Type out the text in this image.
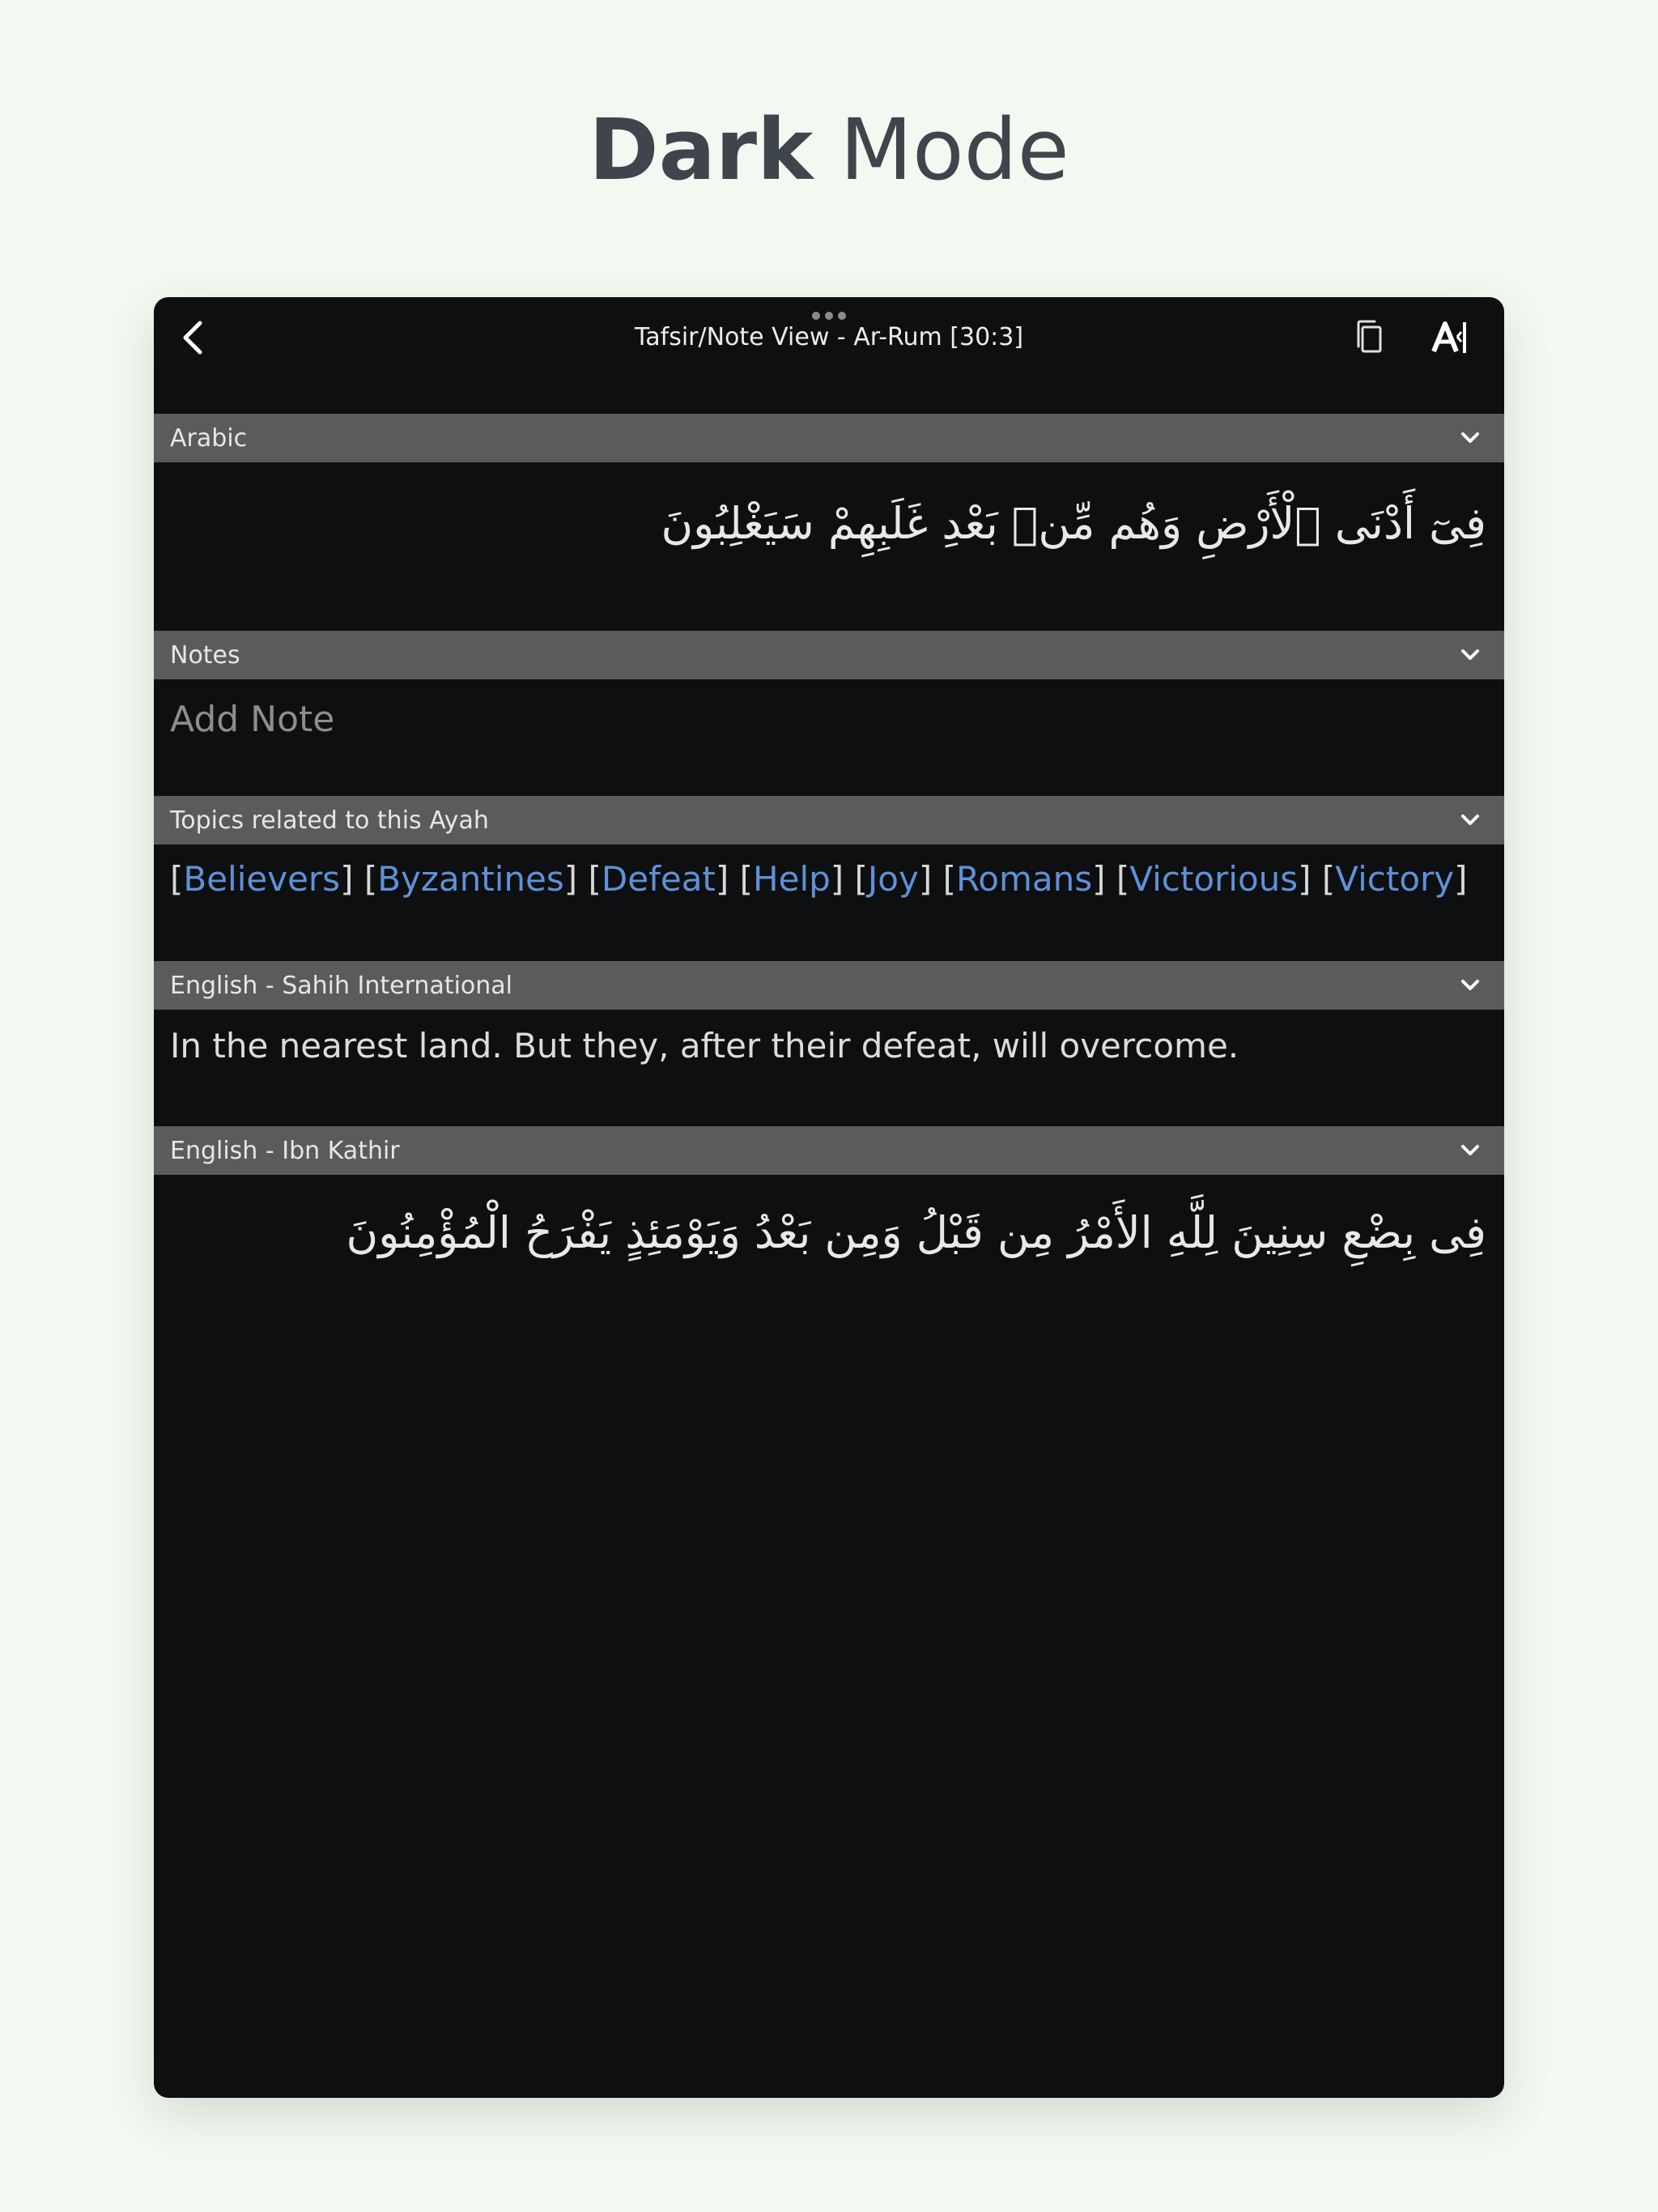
Dark Mode
Tafsir/Note View - Ar-Rum [30:3]
Arabic
فِىٓ أَدْنَى ٱلْأَرْضِ وَهُم مِّنۢ بَعْدِ غَلَبِهِمْ سَيَغْلِبُونَ
Notes
Add Note
Topics related to this Ayah
[Believers] [Byzantines] [Defeat] [Help] [Joy] [Romans] [Victorious] [Victory]
English - Sahih International
In the nearest land. But they, after their defeat, will overcome.
English - Ibn Kathir
فِى بِضْعِ سِنِينَ لِلَّهِ الأَمْرُ مِن قَبْلُ وَمِن بَعْدُ وَيَوْمَئِذٍ يَفْرَحُ الْمُؤْمِنُونَ
